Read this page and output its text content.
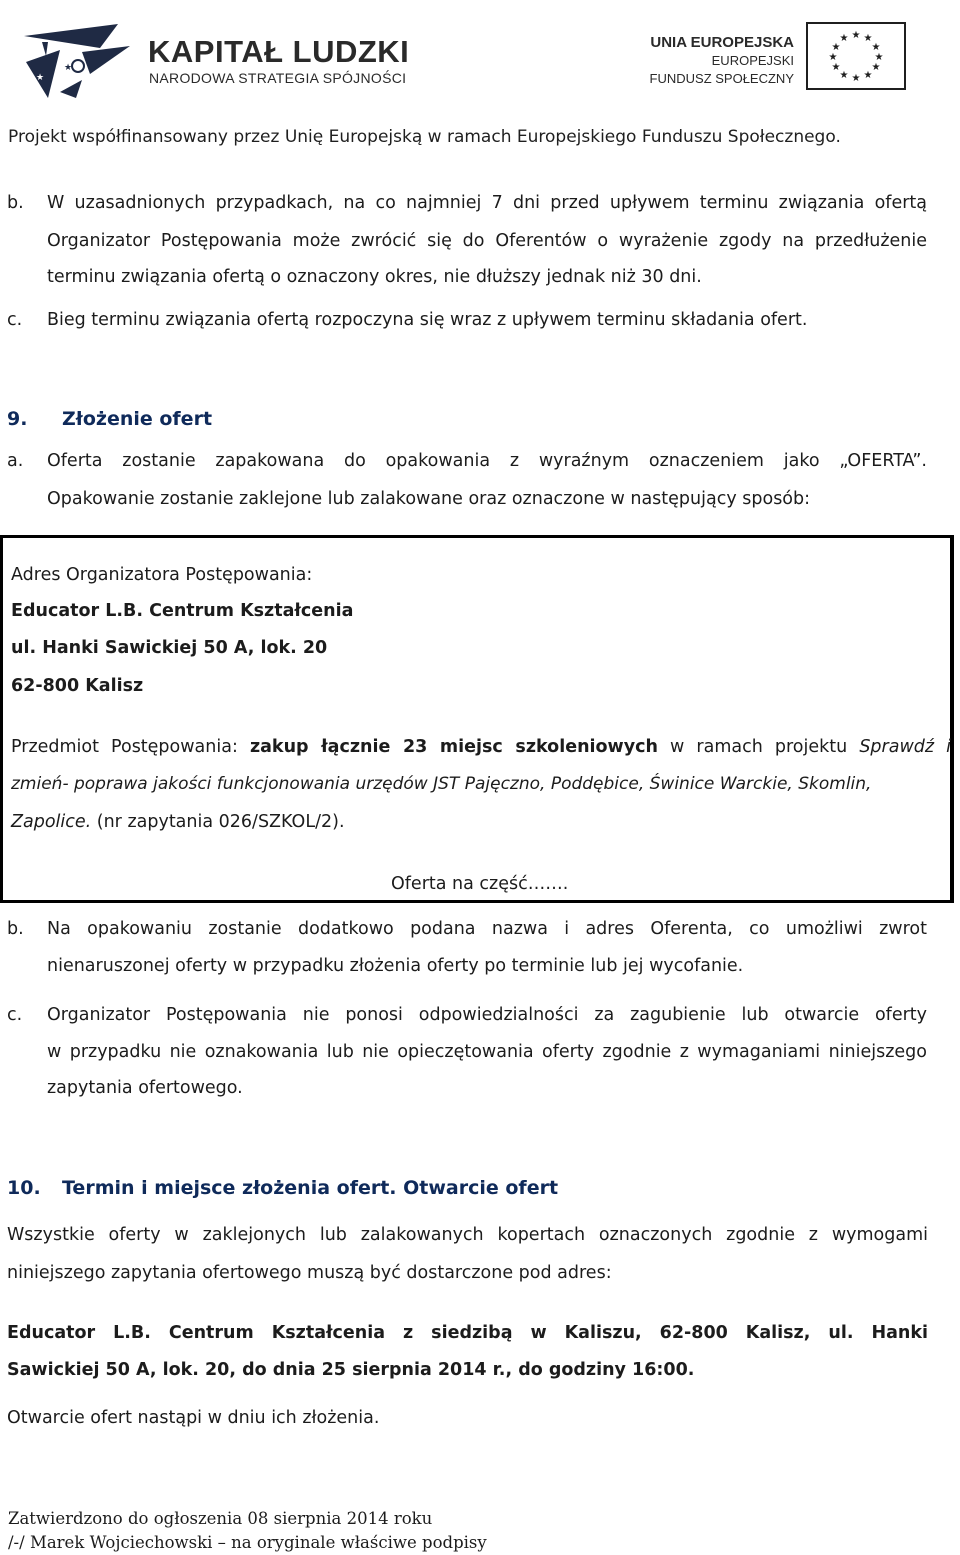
★
★
★ KAPITAŁ LUDZKI
NARODOWA STRATEGIA SPÓJNOŚCI
UNIA EUROPEJSKA
EUROPEJSKI
FUNDUSZ SPOŁECZNY
★ ★
★
★
★
★
★
★
★
★
★
★
Projekt współfinansowany przez Unię Europejską w ramach Europejskiego Funduszu Społecznego.
b. W uzasadnionych przypadkach, na co najmniej 7 dni przed upływem terminu związania ofertą
Organizator Postępowania może zwrócić się do Oferentów o wyrażenie zgody na przedłużenie
terminu związania ofertą o oznaczony okres, nie dłuższy jednak niż 30 dni.
c. Bieg terminu związania ofertą rozpoczyna się wraz z upływem terminu składania ofert.
9. Złożenie ofert
a. Oferta zostanie zapakowana do opakowania z wyraźnym oznaczeniem jako „OFERTA”.
Opakowanie zostanie zaklejone lub zalakowane oraz oznaczone w następujący sposób:
Adres Organizatora Postępowania:
Educator L.B. Centrum Kształcenia
ul. Hanki Sawickiej 50 A, lok. 20
62-800 Kalisz
Przedmiot Postępowania: zakup łącznie 23 miejsc szkoleniowych w ramach projektu Sprawdź i
zmień- poprawa jakości funkcjonowania urzędów JST Pajęczno, Poddębice, Świnice Warckie, Skomlin,
Zapolice. (nr zapytania 026/SZKOL/2).
Oferta na część…….
b. Na opakowaniu zostanie dodatkowo podana nazwa i adres Oferenta, co umożliwi zwrot
nienaruszonej oferty w przypadku złożenia oferty po terminie lub jej wycofanie.
c. Organizator Postępowania nie ponosi odpowiedzialności za zagubienie lub otwarcie oferty
w przypadku nie oznakowania lub nie opieczętowania oferty zgodnie z wymaganiami niniejszego
zapytania ofertowego.
10. Termin i miejsce złożenia ofert. Otwarcie ofert
Wszystkie oferty w zaklejonych lub zalakowanych kopertach oznaczonych zgodnie z wymogami
niniejszego zapytania ofertowego muszą być dostarczone pod adres:
Educator L.B. Centrum Kształcenia z siedzibą w Kaliszu, 62-800 Kalisz, ul. Hanki
Sawickiej 50 A, lok. 20, do dnia 25 sierpnia 2014 r., do godziny 16:00.
Otwarcie ofert nastąpi w dniu ich złożenia.
Zatwierdzono do ogłoszenia 08 sierpnia 2014 roku
/-/ Marek Wojciechowski – na oryginale właściwe podpisy
